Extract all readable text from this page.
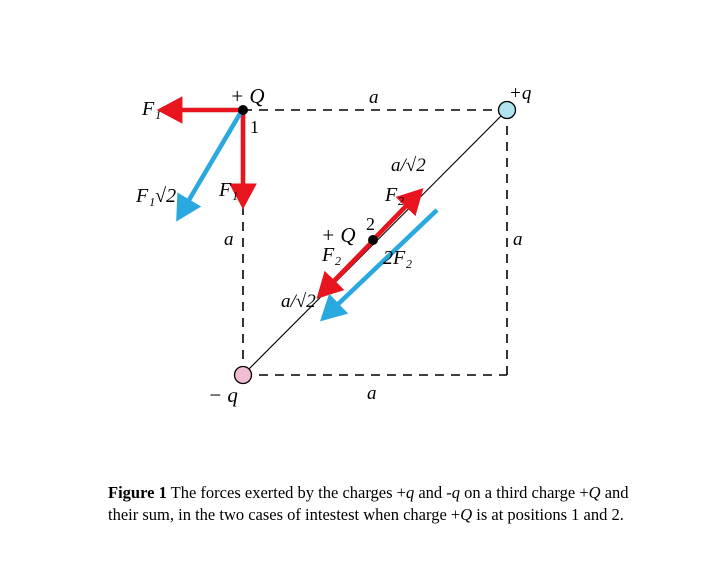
+ Q	+q
− q
1
2
+ Q
a
a	a
a
a/√2
a/√2
F₁
F₁
F₁√2	F₂
F₂ 2F₂
Figure 1 The forces exerted by the charges +q and -q on a third charge +Q and their sum, in the two cases of intestest when charge +Q is at positions 1 and 2.
